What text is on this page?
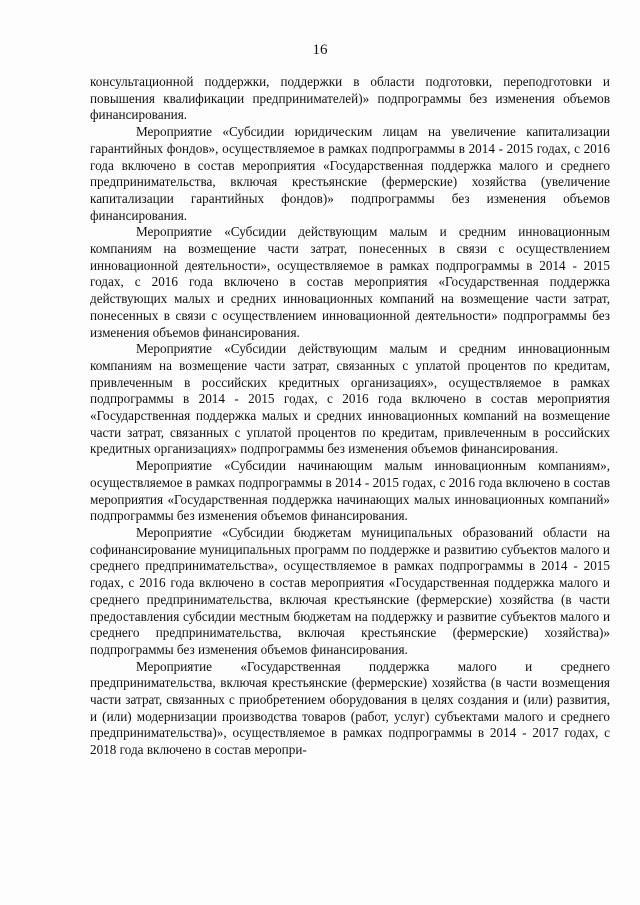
16

консультационной поддержки, поддержки в области подготовки, переподготовки и повышения квалификации предпринимателей)» подпрограммы без изменения объемов финансирования.

Мероприятие «Субсидии юридическим лицам на увеличение капитализации гарантийных фондов», осуществляемое в рамках подпрограммы в 2014 - 2015 годах, с 2016 года включено в состав мероприятия «Государственная поддержка малого и среднего предпринимательства, включая крестьянские (фермерские) хозяйства (увеличение капитализации гарантийных фондов)» подпрограммы без изменения объемов финансирования.

Мероприятие «Субсидии действующим малым и средним инновационным компаниям на возмещение части затрат, понесенных в связи с осуществлением инновационной деятельности», осуществляемое в рамках подпрограммы в 2014 - 2015 годах, с 2016 года включено в состав мероприятия «Государственная поддержка действующих малых и средних инновационных компаний на возмещение части затрат, понесенных в связи с осуществлением инновационной деятельности» подпрограммы без изменения объемов финансирования.

Мероприятие «Субсидии действующим малым и средним инновационным компаниям на возмещение части затрат, связанных с уплатой процентов по кредитам, привлеченным в российских кредитных организациях», осуществляемое в рамках подпрограммы в 2014 - 2015 годах, с 2016 года включено в состав мероприятия «Государственная поддержка малых и средних инновационных компаний на возмещение части затрат, связанных с уплатой процентов по кредитам, привлеченным в российских кредитных организациях» подпрограммы без изменения объемов финансирования.

Мероприятие «Субсидии начинающим малым инновационным компаниям», осуществляемое в рамках подпрограммы в 2014 - 2015 годах, с 2016 года включено в состав мероприятия «Государственная поддержка начинающих малых инновационных компаний» подпрограммы без изменения объемов финансирования.

Мероприятие «Субсидии бюджетам муниципальных образований области на софинансирование муниципальных программ по поддержке и развитию субъектов малого и среднего предпринимательства», осуществляемое в рамках подпрограммы в 2014 - 2015 годах, с 2016 года включено в состав мероприятия «Государственная поддержка малого и среднего предпринимательства, включая крестьянские (фермерские) хозяйства (в части предоставления субсидии местным бюджетам на поддержку и развитие субъектов малого и среднего предпринимательства, включая крестьянские (фермерские) хозяйства)» подпрограммы без изменения объемов финансирования.

Мероприятие «Государственная поддержка малого и среднего предпринимательства, включая крестьянские (фермерские) хозяйства (в части возмещения части затрат, связанных с приобретением оборудования в целях создания и (или) развития, и (или) модернизации производства товаров (работ, услуг) субъектами малого и среднего предпринимательства)», осуществляемое в рамках подпрограммы в 2014 - 2017 годах, с 2018 года включено в состав меропри-
